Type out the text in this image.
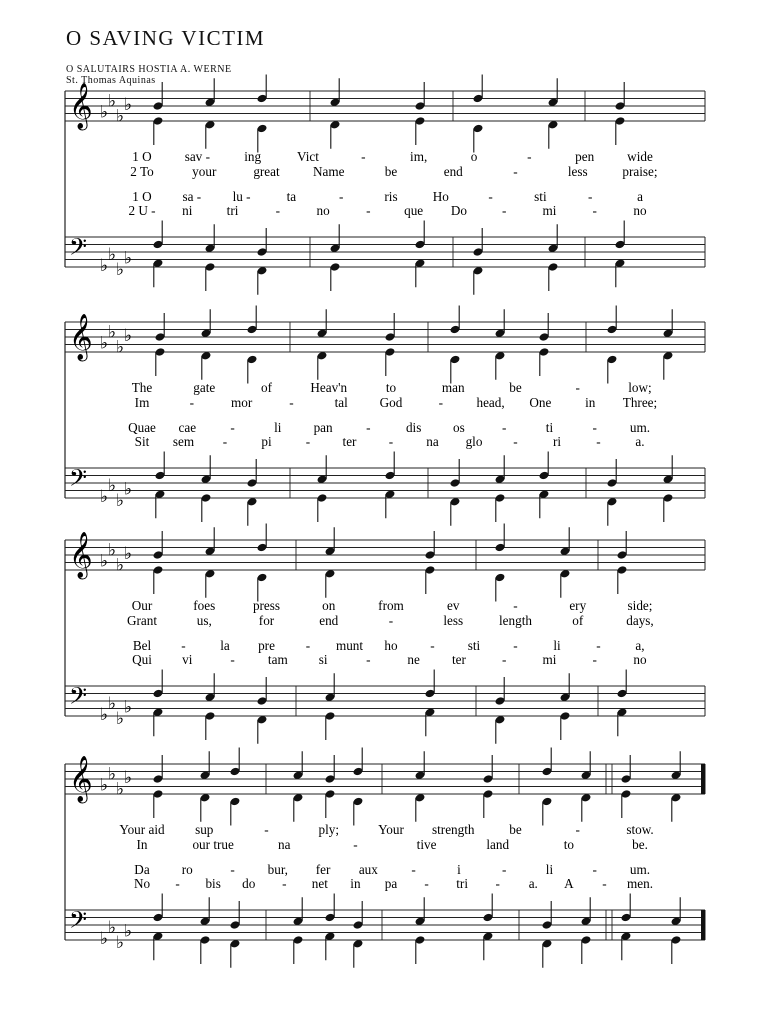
O SAVING VICTIM
O SALUTAIRS HOSTIA A. WERNE
St. Thomas Aquinas
𝄞
𝄢
♭
♭
♭
♭
♭
♭
♭
♭
1 O sav -	ing	Vict	-	im,	o	-	pen wide
2 To	your	great	Name	be	end	-	less	praise;
1 O sa - lu -	ta	-	ris	Ho	-	sti	-	a
2 U - ni	tri	-	no	-	que Do	-	mi	-	no
𝄞
𝄢
♭
♭
♭
♭
♭
♭
♭
♭
The	gate	of	Heav'n	to	man	be	-	low;
Im	-	mor	-	tal God	-	head, One	in Three;
Quae cae	-	li pan	-	dis os	-	ti	- um.
Sit sem -	pi	- ter -	na glo -	ri	-	a.
𝄞
𝄢
♭
♭
♭
♭
♭
♭
♭
♭
Our	foes	press	on	from	ev	-	ery	side;
Grant	us,	for	end	-	less	length	of	days,
Bel -	la pre - munt ho -	sti	-	li	-	a,
Qui vi	-	tam si	-	ne ter	-	mi	-	no
𝄞
𝄢
♭
♭
♭
♭
♭
♭
♭
♭
Your aid sup	-	ply;	Your strength	be	-	stow.
In	our true	na	-	tive	land	to	be.
Da ro	- bur, fer aux	-	i	-	li	- um.
No - bis do - net in pa - tri - a. A - men.
